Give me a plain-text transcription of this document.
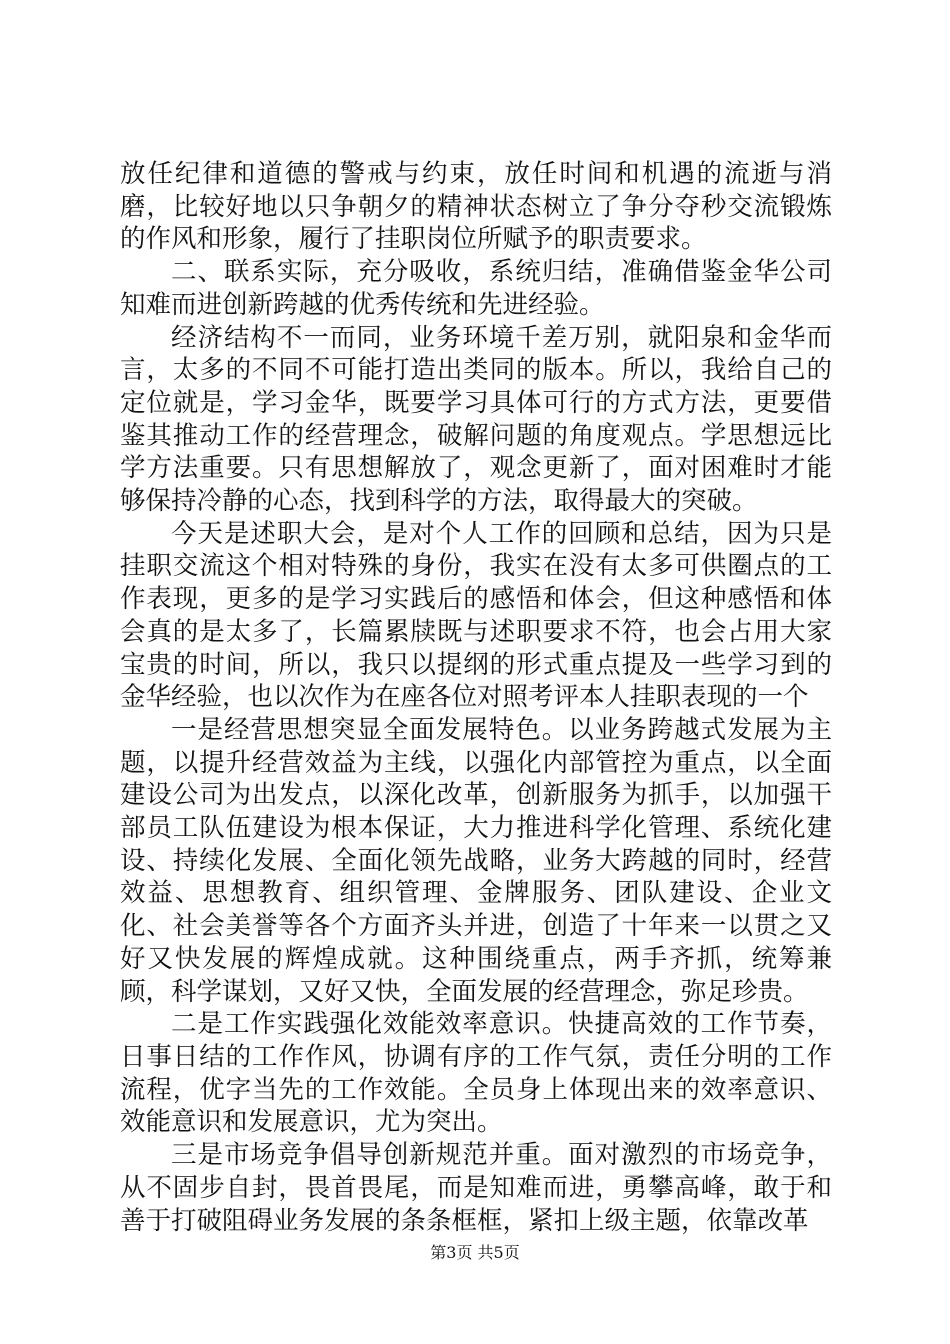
放任纪律和道德的警戒与约束，放任时间和机遇的流逝与消磨，比较好地以只争朝夕的精神状态树立了争分夺秒交流锻炼的作风和形象，履行了挂职岗位所赋予的职责要求。

二、联系实际，充分吸收，系统归结，准确借鉴金华公司知难而进创新跨越的优秀传统和先进经验。

经济结构不一而同，业务环境千差万别，就阳泉和金华而言，太多的不同不可能打造出类同的版本。所以，我给自己的定位就是，学习金华，既要学习具体可行的方式方法，更要借鉴其推动工作的经营理念，破解问题的角度观点。学思想远比学方法重要。只有思想解放了，观念更新了，面对困难时才能够保持冷静的心态，找到科学的方法，取得最大的突破。

今天是述职大会，是对个人工作的回顾和总结，因为只是挂职交流这个相对特殊的身份，我实在没有太多可供圈点的工作表现，更多的是学习实践后的感悟和体会，但这种感悟和体会真的是太多了，长篇累牍既与述职要求不符，也会占用大家宝贵的时间，所以，我只以提纲的形式重点提及一些学习到的金华经验，也以次作为在座各位对照考评本人挂职表现的一个

一是经营思想突显全面发展特色。以业务跨越式发展为主题，以提升经营效益为主线，以强化内部管控为重点，以全面建设公司为出发点，以深化改革，创新服务为抓手，以加强干部员工队伍建设为根本保证，大力推进科学化管理、系统化建设、持续化发展、全面化领先战略，业务大跨越的同时，经营效益、思想教育、组织管理、金牌服务、团队建设、企业文化、社会美誉等各个方面齐头并进，创造了十年来一以贯之又好又快发展的辉煌成就。这种围绕重点，两手齐抓，统筹兼顾，科学谋划，又好又快，全面发展的经营理念，弥足珍贵。

二是工作实践强化效能效率意识。快捷高效的工作节奏，日事日结的工作作风，协调有序的工作气氛，责任分明的工作流程，优字当先的工作效能。全员身上体现出来的效率意识、效能意识和发展意识，尤为突出。

三是市场竞争倡导创新规范并重。面对激烈的市场竞争，从不固步自封，畏首畏尾，而是知难而进，勇攀高峰，敢于和善于打破阻碍业务发展的条条框框，紧扣上级主题，依靠改革

第3页 共5页
